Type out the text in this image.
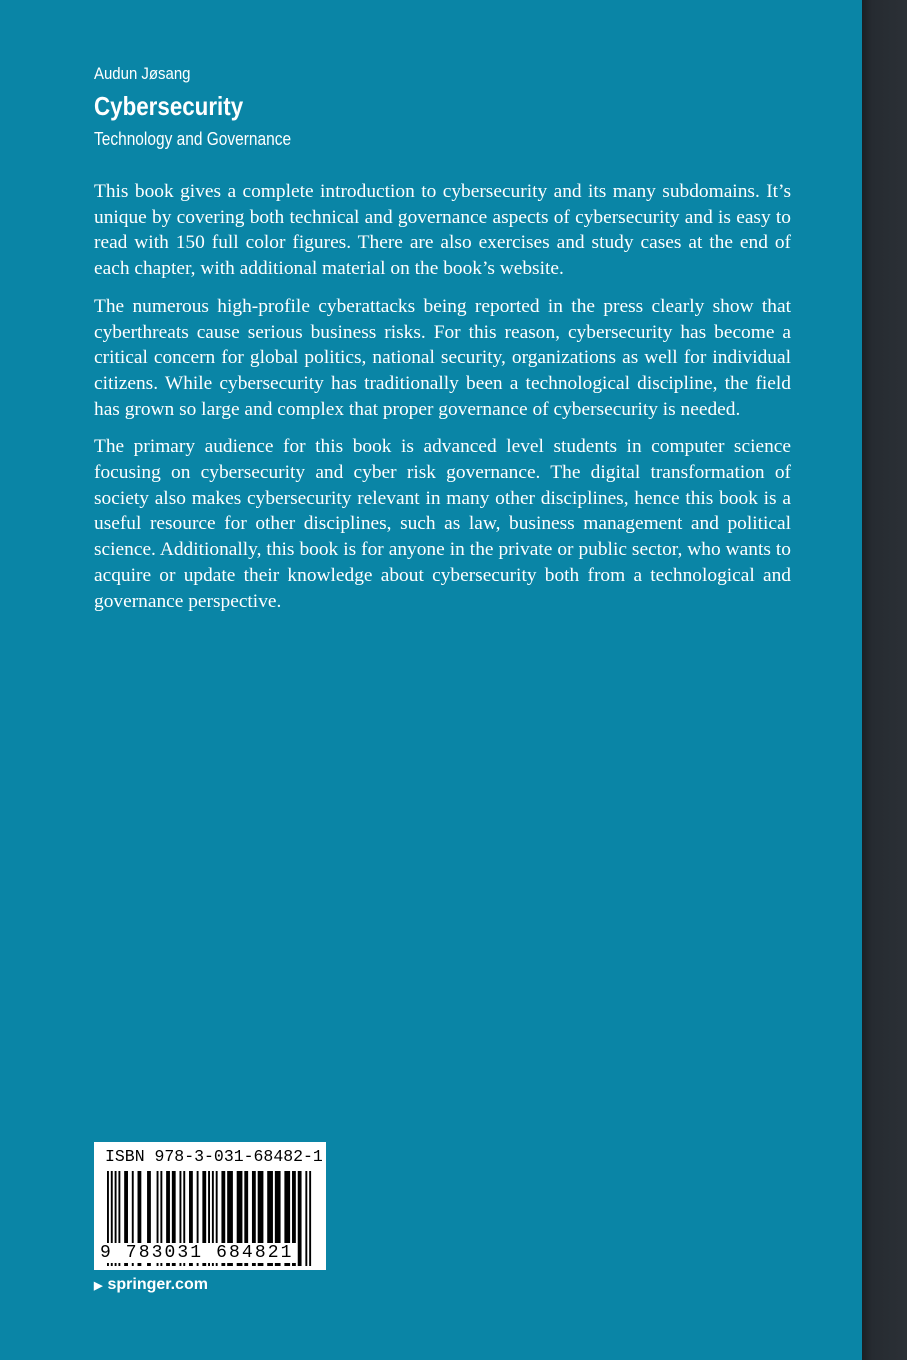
Audun Jøsang
Cybersecurity
Technology and Governance

This book gives a complete introduction to cybersecurity and its many subdomains. It’s unique by covering both technical and governance aspects of cybersecurity and is easy to read with 150 full color figures. There are also exercises and study cases at the end of each chapter, with additional material on the book’s website.

The numerous high-profile cyberattacks being reported in the press clearly show that cyberthreats cause serious business risks. For this reason, cybersecurity has become a critical concern for global politics, national security, organizations as well for individual citizens. While cybersecurity has traditionally been a technological discipline, the field has grown so large and complex that proper governance of cybersecurity is needed.

The primary audience for this book is advanced level students in computer science focusing on cybersecurity and cyber risk governance. The digital transformation of society also makes cybersecurity relevant in many other disciplines, hence this book is a useful resource for other disciplines, such as law, business management and political science. Additionally, this book is for anyone in the private or public sector, who wants to acquire or update their knowledge about cybersecurity both from a technological and governance perspective.

ISBN 978-3-031-68482-1
9 783031 684821
▶ springer.com
